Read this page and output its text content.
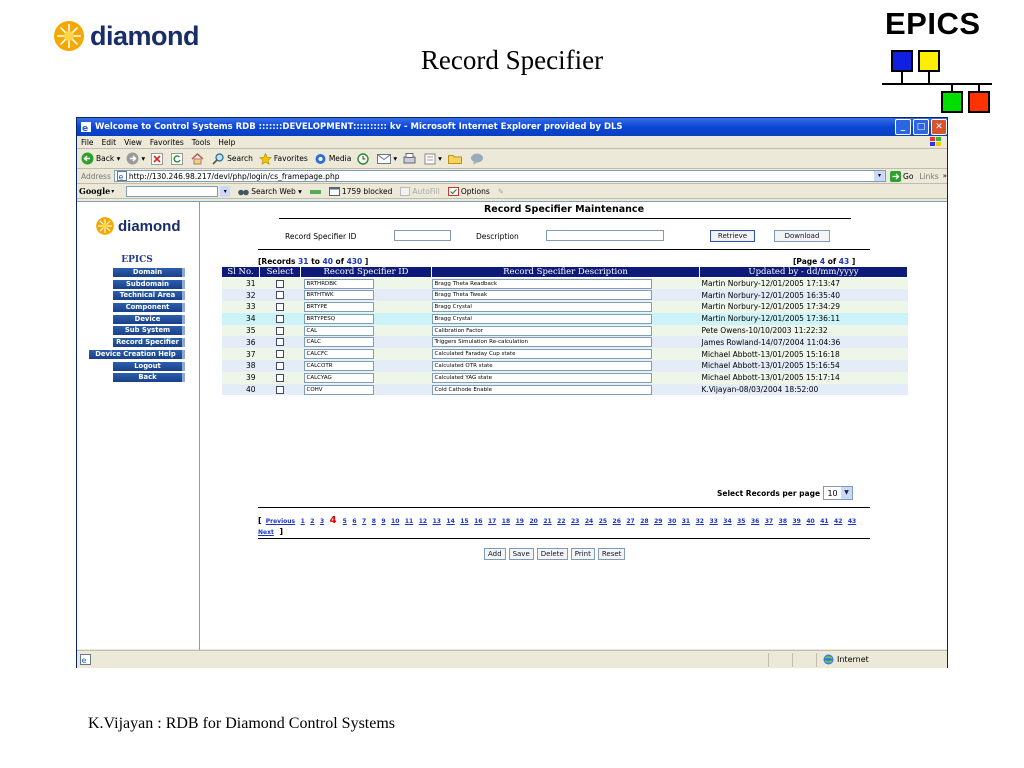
diamond
Record Specifier
EPICS
K.Vijayan : RDB for Diamond Control Systems
e Welcome to Control Systems RDB :::::::DEVELOPMENT:::::::::: kv - Microsoft Internet Explorer provided by DLS	_	□	✕
File Edit View Favorites Tools Help
Back ▾	▾	Search	Favorites	Media	▾	▾
Address e http://130.246.98.217/devl/php/login/cs_framepage.php	▾	Go Links »
Google ▾	▾	Search Web ▾	1759 blocked	AutoFill	Options ✎
diamond
EPICS
Domain
Subdomain
Technical Area
Component
Device
Sub System
Record Specifier
Device Creation Help
Logout
Back
Record Specifier Maintenance
Record Specifier ID	Description	Retrieve	Download
[Records 31 to 40 of 430 ]	[Page 4 of 43 ]
Sl No.	Select	Record Specifier ID	Record Specifier Description	Updated by - dd/mm/yyyy
31		BRTHRDBK	Bragg Theta Readback	Martin Norbury-12/01/2005 17:13:47
32		BRTHTWK	Bragg Theta Tweak	Martin Norbury-12/01/2005 16:35:40
33		BRTYPE	Bragg Crystal	Martin Norbury-12/01/2005 17:34:29
34		BRTYPESQ	Bragg Crystal	Martin Norbury-12/01/2005 17:36:11
35		CAL	Calibration Factor	Pete Owens-10/10/2003 11:22:32
36		CALC	Triggers Simulation Re-calculation	James Rowland-14/07/2004 11:04:36
37		CALCFC	Calculated Faraday Cup state	Michael Abbott-13/01/2005 15:16:18
38		CALCOTR	Calculated OTR state	Michael Abbott-13/01/2005 15:16:54
39		CALCYAG	Calculated YAG state	Michael Abbott-13/01/2005 15:17:14
40		COHV	Cold Cathode Enable	K.Vijayan-08/03/2004 18:52:00
Select Records per page 10	▼
[ Previous 1 2 3 4 5 6 7 8 9 10 11 12 13 14 15 16 17 18 19 20 21 22 23 24 25 26 27 28 29 30 31 32 33 34 35 36 37 38 39 40 41 42 43 Next ]
Add	Save	Delete	Print	Reset
e	Internet
